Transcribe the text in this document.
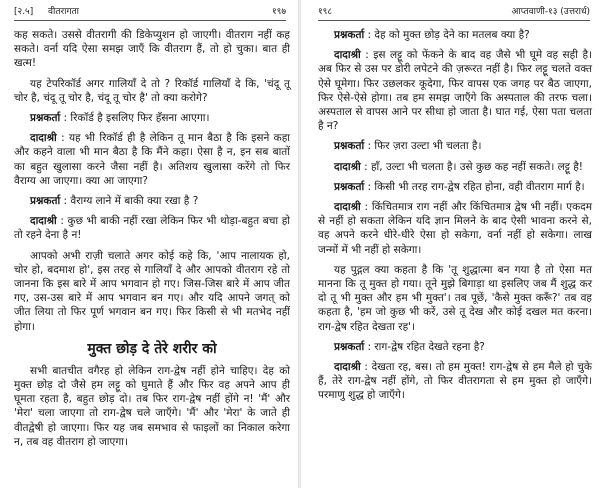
[२.५] वीतरागता	१९७

कह सकते। उससे वीतरागी की डिकेप्युशन हो जाएगी। वीतराग नहीं कह सकते। वर्ना यदि ऐसा समझ जाएँ कि वीतराग हैं, तो हो चुका। बात ही खत्म!

यह टेपरिकॉर्ड अगर गालियाँ दे तो ? रिकॉर्ड गालियाँ दे कि, 'चंदू तू चोर है, चंदू तू चोर है, चंदू तू चोर है' तो क्या करोगे?

प्रश्नकर्ता : रिकॉर्ड है इसलिए फिर हँसना आएगा।

दादाश्री : यह भी रिकॉर्ड ही है लेकिन तू मान बैठा है कि इसने कहा और कहने वाला भी मान बैठा है कि मैंने कहा। ऐसा है न, इन सब बातों का बहुत खुलासा करने जैसा नहीं है। अतिशय खुलासा करेंगे तो फिर वैराग्य आ जाएगा। क्या आ जाएगा?

प्रश्नकर्ता : वैराग्य लाने में बाकी क्या रखा है ?

दादाश्री : कुछ भी बाकी नहीं रखा लेकिन फिर भी थोड़ा-बहुत बचा हो तो रहने देना है न!

आपको अभी राज़ी चलाते अगर कोई कहे कि, 'आप नालायक हो, चोर हो, बदमाश हो', इस तरह से गालियाँ दे और आपको वीतराग रहे तो जानना कि इस बारे में आप भगवान हो गए। जिस-जिस बारे में आप जीत गए, उस-उस बारे में आप भगवान बन गए। और यदि आपने जगत् को जीत लिया तो फिर पूर्ण भगवान बन गए। फिर किसी से भी मतभेद नहीं होगा।

मुक्त छोड़ दे तेरे शरीर को

सभी बातचीत वगैरह हो लेकिन राग-द्वेष नहीं होने चाहिए। देह को मुक्त छोड़ दो जैसे हम लट्टू को घुमाते हैं और फिर वह अपने आप ही घूमता रहता है, बहुत छोड़ दो। तब फिर राग-द्वेष नहीं होंगे न! 'मैं' और 'मेरा' चला जाएगा तो राग-द्वेष चले जाएँगे। 'मैं' और 'मेरा' के जाते ही वीतद्वेषी हो जाएगा। फिर यह जब समभाव से फाइलों का निकाल करेगा न, तब वह वीतराग हो जाएगा।

१९८	आप्तवाणी-१३ (उत्तरार्ध)

प्रश्नकर्ता : देह को मुक्त छोड़ देने का मतलब क्या है?

दादाश्री : इस लट्टू को फेंकने के बाद वह जैसे भी घूमे वह सही है। अब फिर से उस पर डोरी लपेटने की ज़रूरत नहीं है। फिर लट्टू चलते वक्त ऐसे घूमेगा। फिर उछलकर कूदेगा, फिर वापस एक जगह पर बैठ जाएगा, फिर ऐसे-ऐसे होगा। तब हम समझ जाएँगे कि अस्पताल की तरफ चला। अस्पताल से वापस आने पर सीधा हो जाता है। घात गई, ऐसा पता चलता है न?

प्रश्नकर्ता : फिर ज़रा उल्टा भी चलता है।

दादाश्री : हाँ, उल्टा भी चलता है। उसे कुछ कह नहीं सकते। लट्टू है!

प्रश्नकर्ता : किसी भी तरह राग-द्वेष रहित होना, वही वीतराग मार्ग है।

दादाश्री : किंचितमात्र राग नहीं और किंचितमात्र द्वेष भी नहीं। एकदम से नहीं हो सकता लेकिन यदि ज्ञान मिलने के बाद ऐसी भावना करने से, वह अपने करने धीरे-धीरे ऐसा हो सकेगा, वर्ना नहीं हो सकेगा। लाख जन्मों में भी नहीं हो सकेगा।

यह पुद्गल क्या कहता है कि 'तू शुद्धात्मा बन गया है तो ऐसा मत मानना कि तू मुक्त हो गया। तूने मुझे बिगाड़ा था इसलिए जब मैं शुद्ध कर दो तू भी मुक्त और हम भी मुक्त'। तब पूछें, 'कैसे मुक्त करूँ?' तब वह कहता है, 'हम जो कुछ भी करें, उसे तू देख और कोई दखल मत करना। राग-द्वेष रहित देखता रह'।

प्रश्नकर्ता : राग-द्वेष रहित देखते रहना है?

दादाश्री : देखता रह, बस। तो हम मुक्त! राग-द्वेष से हम मैले हो चुके हैं, तेरे राग-द्वेष नहीं होंगे, तो फिर वीतरागता से हम मुक्त हो जाएँगे। परमाणु शुद्ध हो जाएँगे।
